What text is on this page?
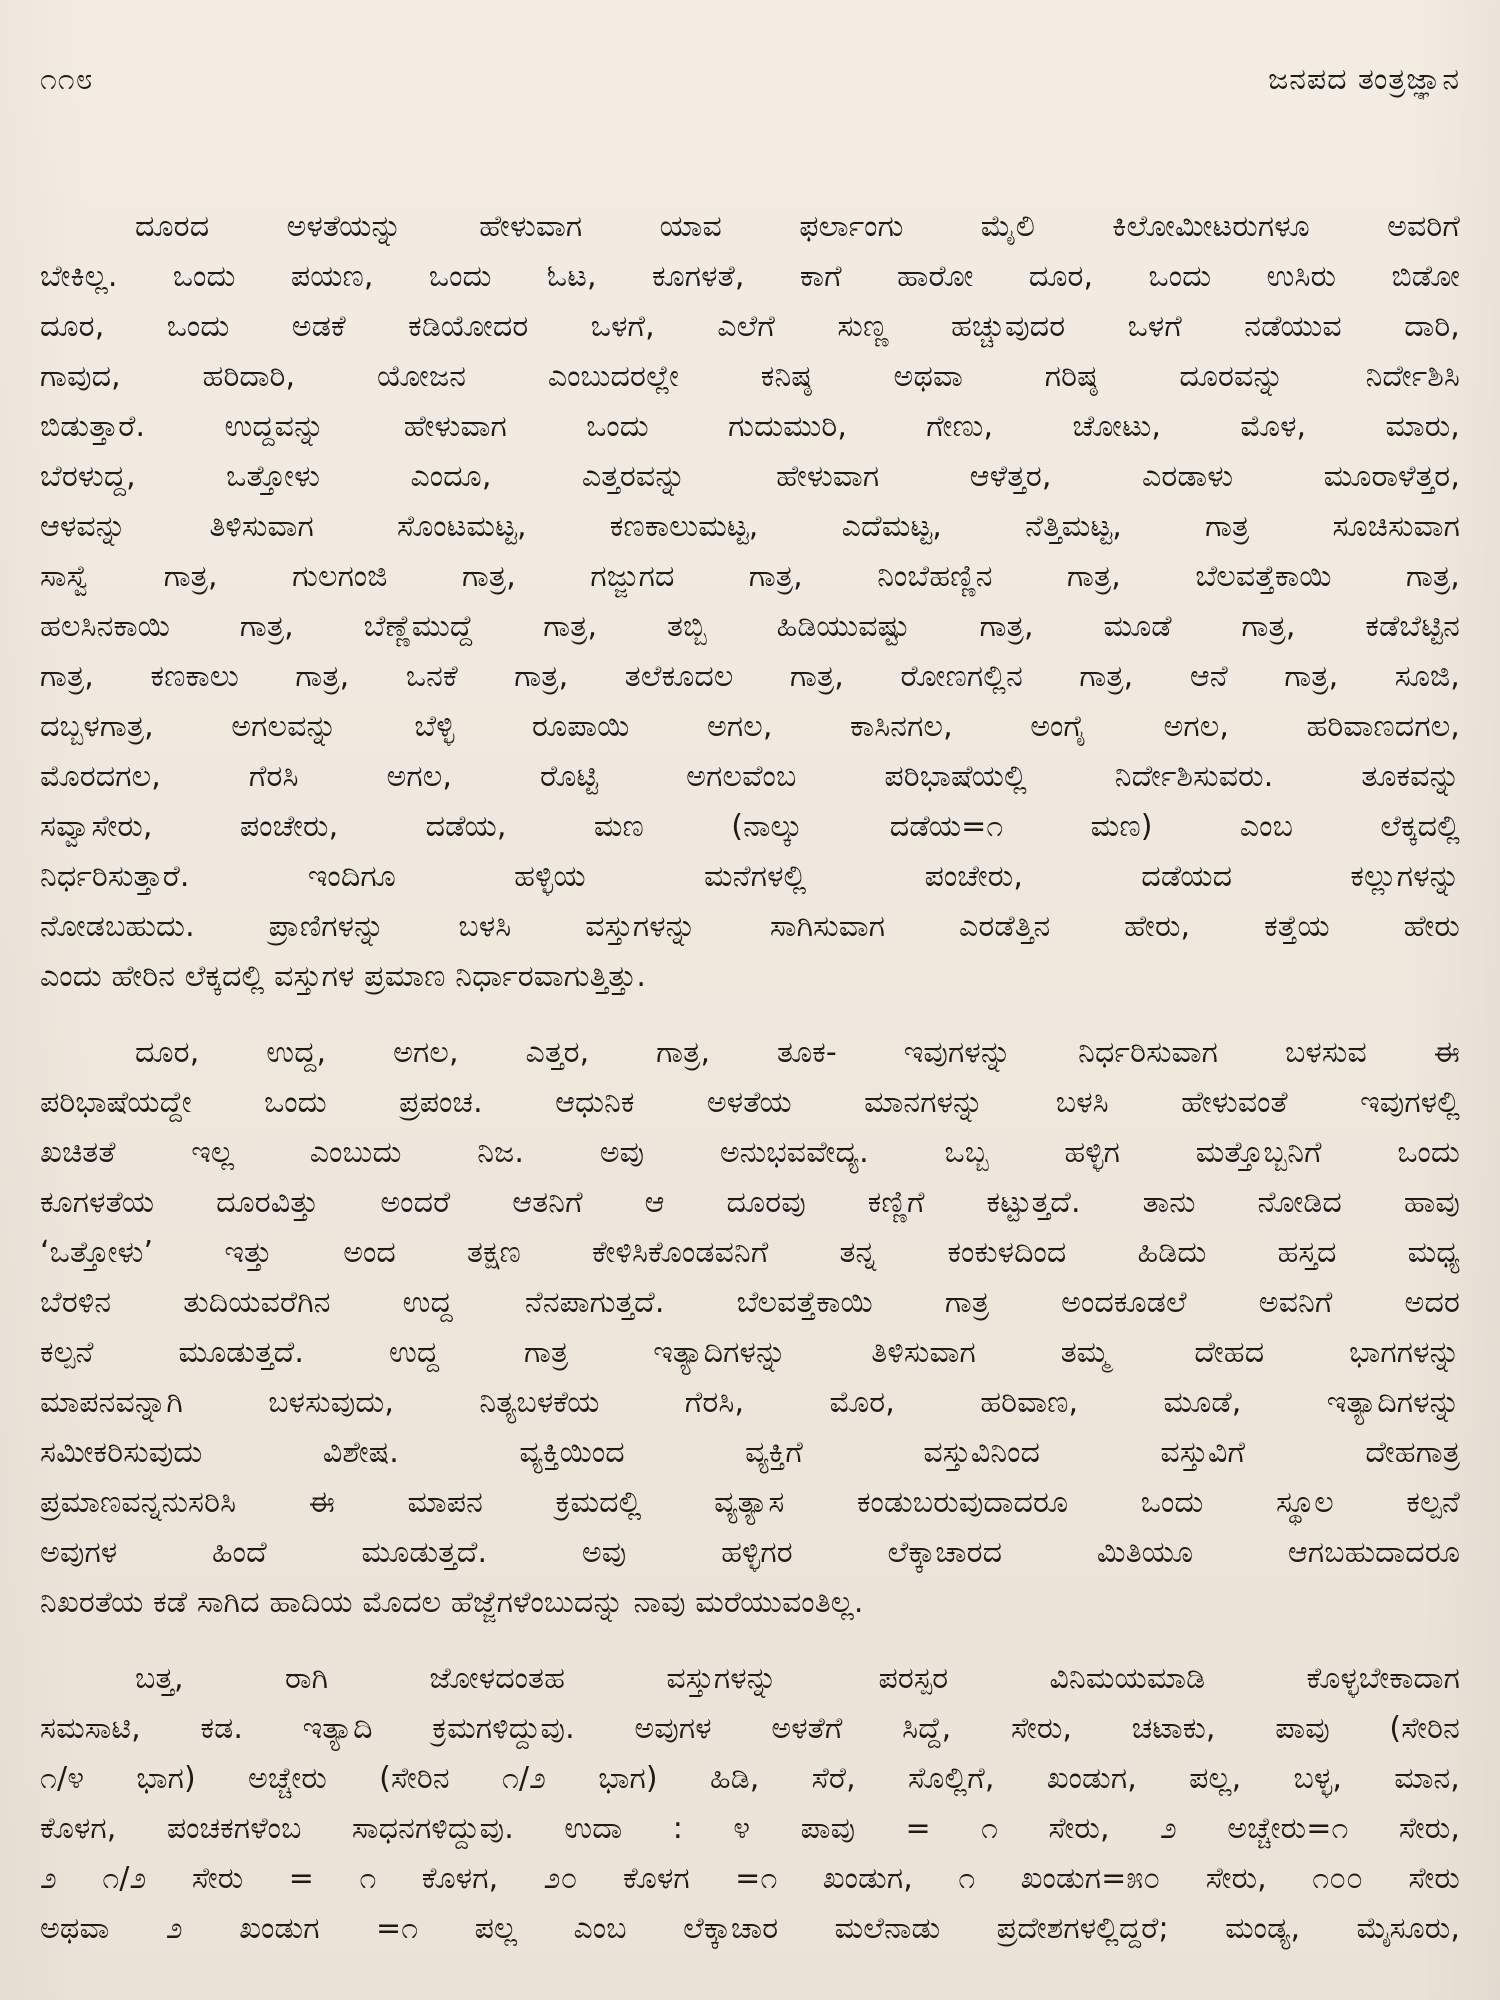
೧೧೮	ಜನಪದ ತಂತ್ರಜ್ಞಾನ
ದೂರದ ಅಳತೆಯನ್ನು ಹೇಳುವಾಗ ಯಾವ ಫರ್ಲಾಂಗು ಮೈಲಿ ಕಿಲೋಮೀಟರುಗಳೂ ಅವರಿಗೆ
ಬೇಕಿಲ್ಲ. ಒಂದು ಪಯಣ, ಒಂದು ಓಟ, ಕೂಗಳತೆ, ಕಾಗೆ ಹಾರೋ ದೂರ, ಒಂದು ಉಸಿರು ಬಿಡೋ
ದೂರ, ಒಂದು ಅಡಕೆ ಕಡಿಯೋದರ ಒಳಗೆ, ಎಲೆಗೆ ಸುಣ್ಣ ಹಚ್ಚುವುದರ ಒಳಗೆ ನಡೆಯುವ ದಾರಿ,
ಗಾವುದ, ಹರಿದಾರಿ, ಯೋಜನ ಎಂಬುದರಲ್ಲೇ ಕನಿಷ್ಠ ಅಥವಾ ಗರಿಷ್ಠ ದೂರವನ್ನು ನಿರ್ದೇಶಿಸಿ
ಬಿಡುತ್ತಾರೆ. ಉದ್ದವನ್ನು ಹೇಳುವಾಗ ಒಂದು ಗುದುಮುರಿ, ಗೇಣು, ಚೋಟು, ಮೊಳ, ಮಾರು,
ಬೆರಳುದ್ದ, ಒತ್ತೋಳು ಎಂದೂ, ಎತ್ತರವನ್ನು ಹೇಳುವಾಗ ಆಳೆತ್ತರ, ಎರಡಾಳು ಮೂರಾಳೆತ್ತರ,
ಆಳವನ್ನು ತಿಳಿಸುವಾಗ ಸೊಂಟಮಟ್ಟ, ಕಣಕಾಲುಮಟ್ಟ, ಎದೆಮಟ್ಟ, ನೆತ್ತಿಮಟ್ಟ, ಗಾತ್ರ ಸೂಚಿಸುವಾಗ
ಸಾಸ್ವೆ ಗಾತ್ರ, ಗುಲಗಂಜಿ ಗಾತ್ರ, ಗಜ್ಜುಗದ ಗಾತ್ರ, ನಿಂಬೆಹಣ್ಣಿನ ಗಾತ್ರ, ಬೆಲವತ್ತೆಕಾಯಿ ಗಾತ್ರ,
ಹಲಸಿನಕಾಯಿ ಗಾತ್ರ, ಬೆಣ್ಣೆಮುದ್ದೆ ಗಾತ್ರ, ತಬ್ಬಿ ಹಿಡಿಯುವಷ್ಟು ಗಾತ್ರ, ಮೂಡೆ ಗಾತ್ರ, ಕಡೆಬೆಟ್ಟಿನ
ಗಾತ್ರ, ಕಣಕಾಲು ಗಾತ್ರ, ಒನಕೆ ಗಾತ್ರ, ತಲೆಕೂದಲ ಗಾತ್ರ, ರೋಣಗಲ್ಲಿನ ಗಾತ್ರ, ಆನೆ ಗಾತ್ರ, ಸೂಜಿ,
ದಬ್ಬಳಗಾತ್ರ, ಅಗಲವನ್ನು ಬೆಳ್ಳಿ ರೂಪಾಯಿ ಅಗಲ, ಕಾಸಿನಗಲ, ಅಂಗೈ ಅಗಲ, ಹರಿವಾಣದಗಲ,
ಮೊರದಗಲ, ಗೆರಸಿ ಅಗಲ, ರೊಟ್ಟಿ ಅಗಲವೆಂಬ ಪರಿಭಾಷೆಯಲ್ಲಿ ನಿರ್ದೇಶಿಸುವರು. ತೂಕವನ್ನು
ಸವ್ವಾಸೇರು, ಪಂಚೇರು, ದಡೆಯ, ಮಣ (ನಾಲ್ಕು ದಡೆಯ=೧ ಮಣ) ಎಂಬ ಲೆಕ್ಕದಲ್ಲಿ
ನಿರ್ಧರಿಸುತ್ತಾರೆ. ಇಂದಿಗೂ ಹಳ್ಳಿಯ ಮನೆಗಳಲ್ಲಿ ಪಂಚೇರು, ದಡೆಯದ ಕಲ್ಲುಗಳನ್ನು
ನೋಡಬಹುದು. ಪ್ರಾಣಿಗಳನ್ನು ಬಳಸಿ ವಸ್ತುಗಳನ್ನು ಸಾಗಿಸುವಾಗ ಎರಡೆತ್ತಿನ ಹೇರು, ಕತ್ತೆಯ ಹೇರು
ಎಂದು ಹೇರಿನ ಲೆಕ್ಕದಲ್ಲಿ ವಸ್ತುಗಳ ಪ್ರಮಾಣ ನಿರ್ಧಾರವಾಗುತ್ತಿತ್ತು.
ದೂರ, ಉದ್ದ, ಅಗಲ, ಎತ್ತರ, ಗಾತ್ರ, ತೂಕ- ಇವುಗಳನ್ನು ನಿರ್ಧರಿಸುವಾಗ ಬಳಸುವ ಈ
ಪರಿಭಾಷೆಯದ್ದೇ ಒಂದು ಪ್ರಪಂಚ. ಆಧುನಿಕ ಅಳತೆಯ ಮಾನಗಳನ್ನು ಬಳಸಿ ಹೇಳುವಂತೆ ಇವುಗಳಲ್ಲಿ
ಖಚಿತತೆ ಇಲ್ಲ ಎಂಬುದು ನಿಜ. ಅವು ಅನುಭವವೇದ್ಯ. ಒಬ್ಬ ಹಳ್ಳಿಗ ಮತ್ತೊಬ್ಬನಿಗೆ ಒಂದು
ಕೂಗಳತೆಯ ದೂರವಿತ್ತು ಅಂದರೆ ಆತನಿಗೆ ಆ ದೂರವು ಕಣ್ಣಿಗೆ ಕಟ್ಟುತ್ತದೆ. ತಾನು ನೋಡಿದ ಹಾವು
‘ಒತ್ತೋಳು’ ಇತ್ತು ಅಂದ ತಕ್ಷಣ ಕೇಳಿಸಿಕೊಂಡವನಿಗೆ ತನ್ನ ಕಂಕುಳದಿಂದ ಹಿಡಿದು ಹಸ್ತದ ಮಧ್ಯ
ಬೆರಳಿನ ತುದಿಯವರೆಗಿನ ಉದ್ದ ನೆನಪಾಗುತ್ತದೆ. ಬೆಲವತ್ತೆಕಾಯಿ ಗಾತ್ರ ಅಂದಕೂಡಲೆ ಅವನಿಗೆ ಅದರ
ಕಲ್ಪನೆ ಮೂಡುತ್ತದೆ. ಉದ್ದ ಗಾತ್ರ ಇತ್ಯಾದಿಗಳನ್ನು ತಿಳಿಸುವಾಗ ತಮ್ಮ ದೇಹದ ಭಾಗಗಳನ್ನು
ಮಾಪನವನ್ನಾಗಿ ಬಳಸುವುದು, ನಿತ್ಯಬಳಕೆಯ ಗೆರಸಿ, ಮೊರ, ಹರಿವಾಣ, ಮೂಡೆ, ಇತ್ಯಾದಿಗಳನ್ನು
ಸಮೀಕರಿಸುವುದು ವಿಶೇಷ. ವ್ಯಕ್ತಿಯಿಂದ ವ್ಯಕ್ತಿಗೆ ವಸ್ತುವಿನಿಂದ ವಸ್ತುವಿಗೆ ದೇಹಗಾತ್ರ
ಪ್ರಮಾಣವನ್ನನುಸರಿಸಿ ಈ ಮಾಪನ ಕ್ರಮದಲ್ಲಿ ವ್ಯತ್ಯಾಸ ಕಂಡುಬರುವುದಾದರೂ ಒಂದು ಸ್ಥೂಲ ಕಲ್ಪನೆ
ಅವುಗಳ ಹಿಂದೆ ಮೂಡುತ್ತದೆ. ಅವು ಹಳ್ಳಿಗರ ಲೆಕ್ಕಾಚಾರದ ಮಿತಿಯೂ ಆಗಬಹುದಾದರೂ
ನಿಖರತೆಯ ಕಡೆ ಸಾಗಿದ ಹಾದಿಯ ಮೊದಲ ಹೆಜ್ಜೆಗಳೆಂಬುದನ್ನು ನಾವು ಮರೆಯುವಂತಿಲ್ಲ.
ಬತ್ತ, ರಾಗಿ ಜೋಳದಂತಹ ವಸ್ತುಗಳನ್ನು ಪರಸ್ಪರ ವಿನಿಮಯಮಾಡಿ ಕೊಳ್ಳಬೇಕಾದಾಗ
ಸಮಸಾಟಿ, ಕಡ. ಇತ್ಯಾದಿ ಕ್ರಮಗಳಿದ್ದುವು. ಅವುಗಳ ಅಳತೆಗೆ ಸಿದ್ದೆ, ಸೇರು, ಚಟಾಕು, ಪಾವು (ಸೇರಿನ
೧/೪ ಭಾಗ) ಅಚ್ಚೇರು (ಸೇರಿನ ೧/೨ ಭಾಗ) ಹಿಡಿ, ಸೆರೆ, ಸೊಲ್ಲಿಗೆ, ಖಂಡುಗ, ಪಲ್ಲ, ಬಳ್ಳ, ಮಾನ,
ಕೊಳಗ, ಪಂಚಕಗಳೆಂಬ ಸಾಧನಗಳಿದ್ದುವು. ಉದಾ : ೪ ಪಾವು = ೧ ಸೇರು, ೨ ಅಚ್ಚೇರು=೧ ಸೇರು,
೨ ೧/೨ ಸೇರು = ೧ ಕೊಳಗ, ೨೦ ಕೊಳಗ =೧ ಖಂಡುಗ, ೧ ಖಂಡುಗ=೫೦ ಸೇರು, ೧೦೦ ಸೇರು
ಅಥವಾ ೨ ಖಂಡುಗ =೧ ಪಲ್ಲ ಎಂಬ ಲೆಕ್ಕಾಚಾರ ಮಲೆನಾಡು ಪ್ರದೇಶಗಳಲ್ಲಿದ್ದರೆ; ಮಂಡ್ಯ, ಮೈಸೂರು,
